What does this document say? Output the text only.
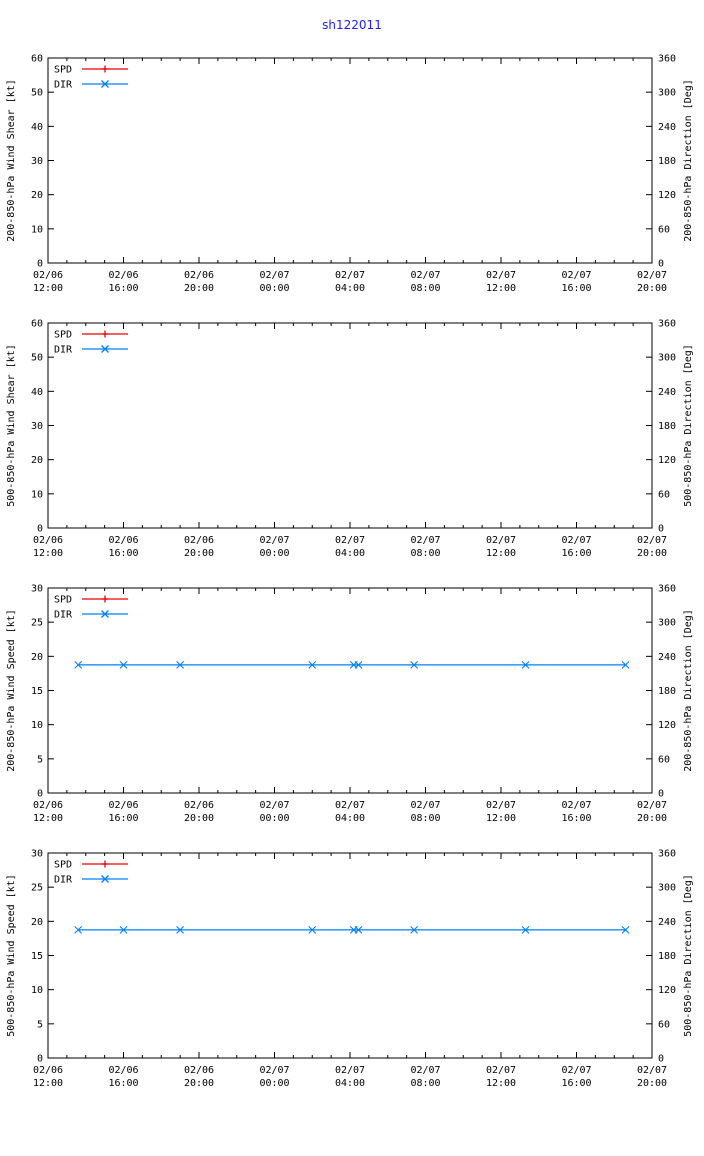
sh122011
02/06
12:00
02/06
16:00
02/06
20:00
02/07
00:00
02/07
04:00
02/07
08:00
02/07
12:00
02/07
16:00
02/07
20:00
0
10
20
30
40
50
60
200-850-hPa Wind Shear [kt]
0
60
120
180
240
300
360
200-850-hPa Direction [Deg]
SPD
DIR
02/06
12:00
02/06
16:00
02/06
20:00
02/07
00:00
02/07
04:00
02/07
08:00
02/07
12:00
02/07
16:00
02/07
20:00
0
10
20
30
40
50
60
500-850-hPa Wind Shear [kt]
0
60
120
180
240
300
360
500-850-hPa Direction [Deg]
SPD
DIR
02/06
12:00
02/06
16:00
02/06
20:00
02/07
00:00
02/07
04:00
02/07
08:00
02/07
12:00
02/07
16:00
02/07
20:00
0
5
10
15
20
25
30
200-850-hPa Wind Speed [kt]
0
60
120
180
240
300
360
200-850-hPa Direction [Deg]
SPD
DIR
02/06
12:00
02/06
16:00
02/06
20:00
02/07
00:00
02/07
04:00
02/07
08:00
02/07
12:00
02/07
16:00
02/07
20:00
0
5
10
15
20
25
30
500-850-hPa Wind Speed [kt]
0
60
120
180
240
300
360
500-850-hPa Direction [Deg]
SPD
DIR
